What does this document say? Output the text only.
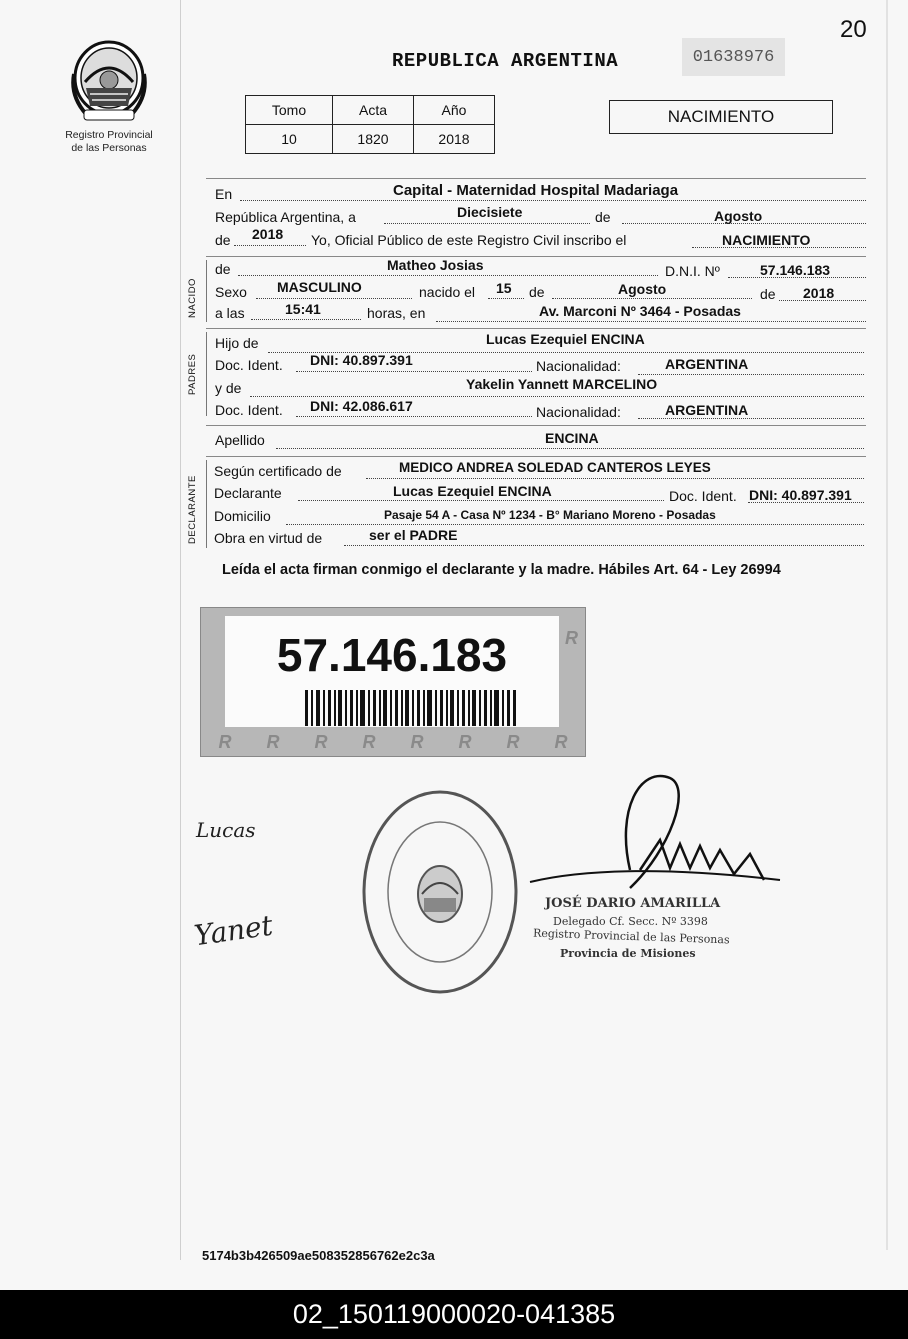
20
Registro Provincial
de las Personas
REPUBLICA ARGENTINA	01638976
Tomo	Acta	Año
10	1820	2018
NACIMIENTO
En	Capital - Maternidad Hospital Madariaga
República Argentina, a	Diecisiete	de	Agosto
de 2018 Yo, Oficial Público de este Registro Civil inscribo el	NACIMIENTO
NACIDO
de	Matheo Josias	D.N.I. Nº	57.146.183
Sexo MASCULINO	nacido el 15 de	Agosto	de 2018
a las	15:41	horas, en	Av. Marconi Nº 3464 - Posadas
PADRES
Hijo de	Lucas Ezequiel ENCINA
Doc. Ident. DNI: 40.897.391	Nacionalidad:	ARGENTINA
y de	Yakelin Yannett MARCELINO
Doc. Ident. DNI: 42.086.617	Nacionalidad:	ARGENTINA
Apellido	ENCINA
DECLARANTE
Según certificado de	MEDICO ANDREA SOLEDAD CANTEROS LEYES
Declarante	Lucas Ezequiel ENCINA	Doc. Ident. DNI: 40.897.391
Domicilio	Pasaje 54 A - Casa Nº 1234 - B° Mariano Moreno - Posadas
Obra en virtud de	ser el PADRE
Leída el acta firman conmigo el declarante y la madre. Hábiles Art. 64 - Ley 26994
57.146.183
R R R R R R R R
R
Lucas
Yanet
JOSÉ DARIO AMARILLA
Delegado Cf. Secc. Nº 3398
Registro Provincial de las Personas
Provincia de Misiones
5174b3b426509ae508352856762e2c3a
02_150119000020-041385
